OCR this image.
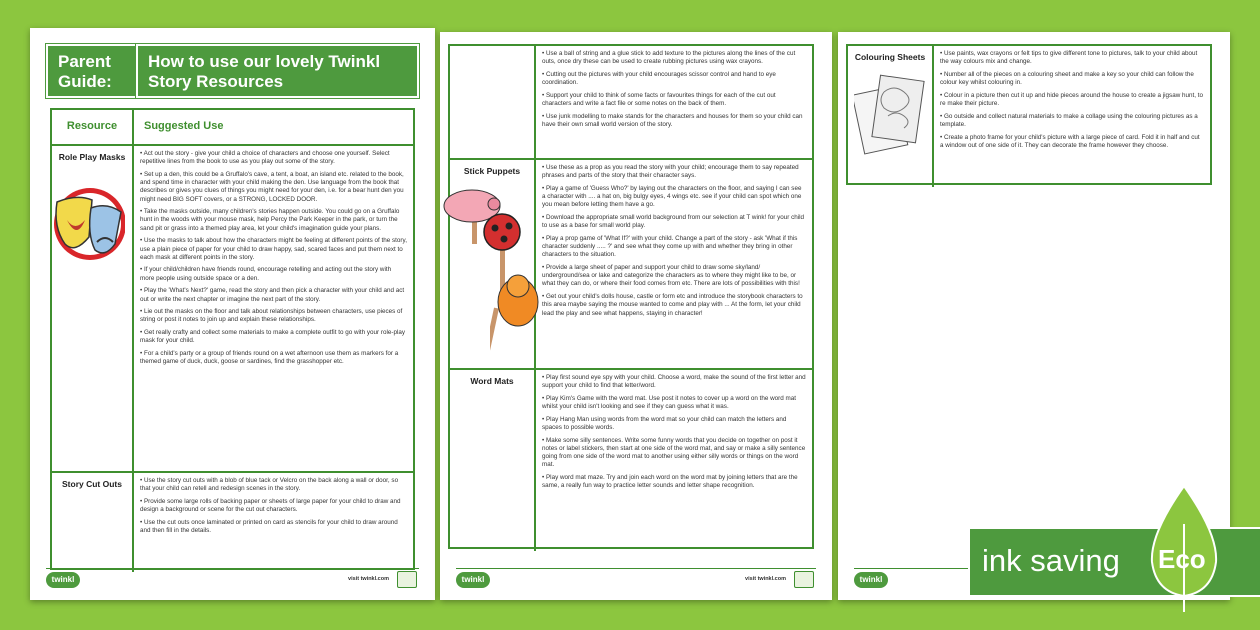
Parent Guide:
How to use our lovely Twinkl Story Resources
Resource	Suggested Use
Role Play Masks	• Act out the story - give your child a choice of characters and choose one yourself. Select repetitive lines from the book to use as you play out some of the story.

• Set up a den, this could be a Gruffalo's cave, a tent, a boat, an island etc. related to the book, and spend time in character with your child making the den. Use language from the book that describes or gives you clues of things you might need for your den, i.e. for a bear hunt den you might need BIG SOFT covers, or a STRONG, LOCKED DOOR.

• Take the masks outside, many children's stories happen outside. You could go on a Gruffalo hunt in the woods with your mouse mask, help Percy the Park Keeper in the park, or turn the sand pit or grass into a themed play area, let your child's imagination guide your plans.

• Use the masks to talk about how the characters might be feeling at different points of the story, use a plain piece of paper for your child to draw happy, sad, scared faces and put them next to each mask at different points in the story.

• If your child/children have friends round, encourage retelling and acting out the story with more people using outside space or a den.

• Play the 'What's Next?' game, read the story and then pick a character with your child and act out or write the next chapter or imagine the next part of the story.

• Lie out the masks on the floor and talk about relationships between characters, use pieces of string or post it notes to join up and explain these relationships.

• Get really crafty and collect some materials to make a complete outfit to go with your role-play mask for your child.

• For a child's party or a group of friends round on a wet afternoon use them as markers for a themed game of duck, duck, goose or sardines, find the grasshopper etc.

Story Cut Outs	• Use the story cut outs with a blob of blue tack or Velcro on the back along a wall or door, so that your child can retell and redesign scenes in the story.

• Provide some large rolls of backing paper or sheets of large paper for your child to draw and design a background or scene for the cut out characters.

• Use the cut outs once laminated or printed on card as stencils for your child to draw around and then fill in the details.

twinkl	visit twinkl.com

• Use a ball of string and a glue stick to add texture to the pictures along the lines of the cut outs, once dry these can be used to create rubbing pictures using wax crayons.

• Cutting out the pictures with your child encourages scissor control and hand to eye coordination.

• Support your child to think of some facts or favourites things for each of the cut out characters and write a fact file or some notes on the back of them.

• Use junk modelling to make stands for the characters and houses for them so your child can have their own small world version of the story.

Stick Puppets	• Use these as a prop as you read the story with your child; encourage them to say repeated phrases and parts of the story that their character says.

• Play a game of 'Guess Who?' by laying out the characters on the floor, and saying I can see a character with .... a hat on, big bulgy eyes, 4 wings etc. see if your child can spot which one you mean before letting them have a go.

• Download the appropriate small world background from our selection at T wink! for your child to use as a base for small world play.

• Play a prop game of 'What If?' with your child. Change a part of the story - ask 'What if this character suddenly ..... ?' and see what they come up with and whether they bring in other characters to the situation.

• Provide a large sheet of paper and support your child to draw some sky/land/ underground/sea or lake and categorize the characters as to where they might like to be, or what they can do, or where their food comes from etc. There are lots of possibilities with this!

• Get out your child's dolls house, castle or form etc and introduce the storybook characters to this area maybe saying the mouse wanted to come and play with ... At the form, let your child lead the play and see what happens, staying in character!

Word Mats	• Play first sound eye spy with your child. Choose a word, make the sound of the first letter and support your child to find that letter/word.

• Play Kim's Game with the word mat. Use post it notes to cover up a word on the word mat whilst your child isn't looking and see if they can guess what it was.

• Play Hang Man using words from the word mat so your child can match the letters and spaces to possible words.

• Make some silly sentences. Write some funny words that you decide on together on post it notes or label stickers, then start at one side of the word mat, and say or make a silly sentence going from one side of the word mat to another using either silly words or things on the word mat.

• Play word mat maze. Try and join each word on the word mat by joining letters that are the same, a really fun way to practice letter sounds and letter shape recognition.

twinkl	visit twinkl.com
Colouring Sheets	• Use paints, wax crayons or felt tips to give different tone to pictures, talk to your child about the way colours mix and change.

• Number all of the pieces on a colouring sheet and make a key so your child can follow the colour key whilst colouring in.

• Colour in a picture then cut it up and hide pieces around the house to create a jigsaw hunt, to re make their picture.

• Go outside and collect natural materials to make a collage using the colouring pictures as a template.

• Create a photo frame for your child's picture with a large piece of card. Fold it in half and cut a window out of one side of it. They can decorate the frame however they choose.

twinkl
ink saving Eco
